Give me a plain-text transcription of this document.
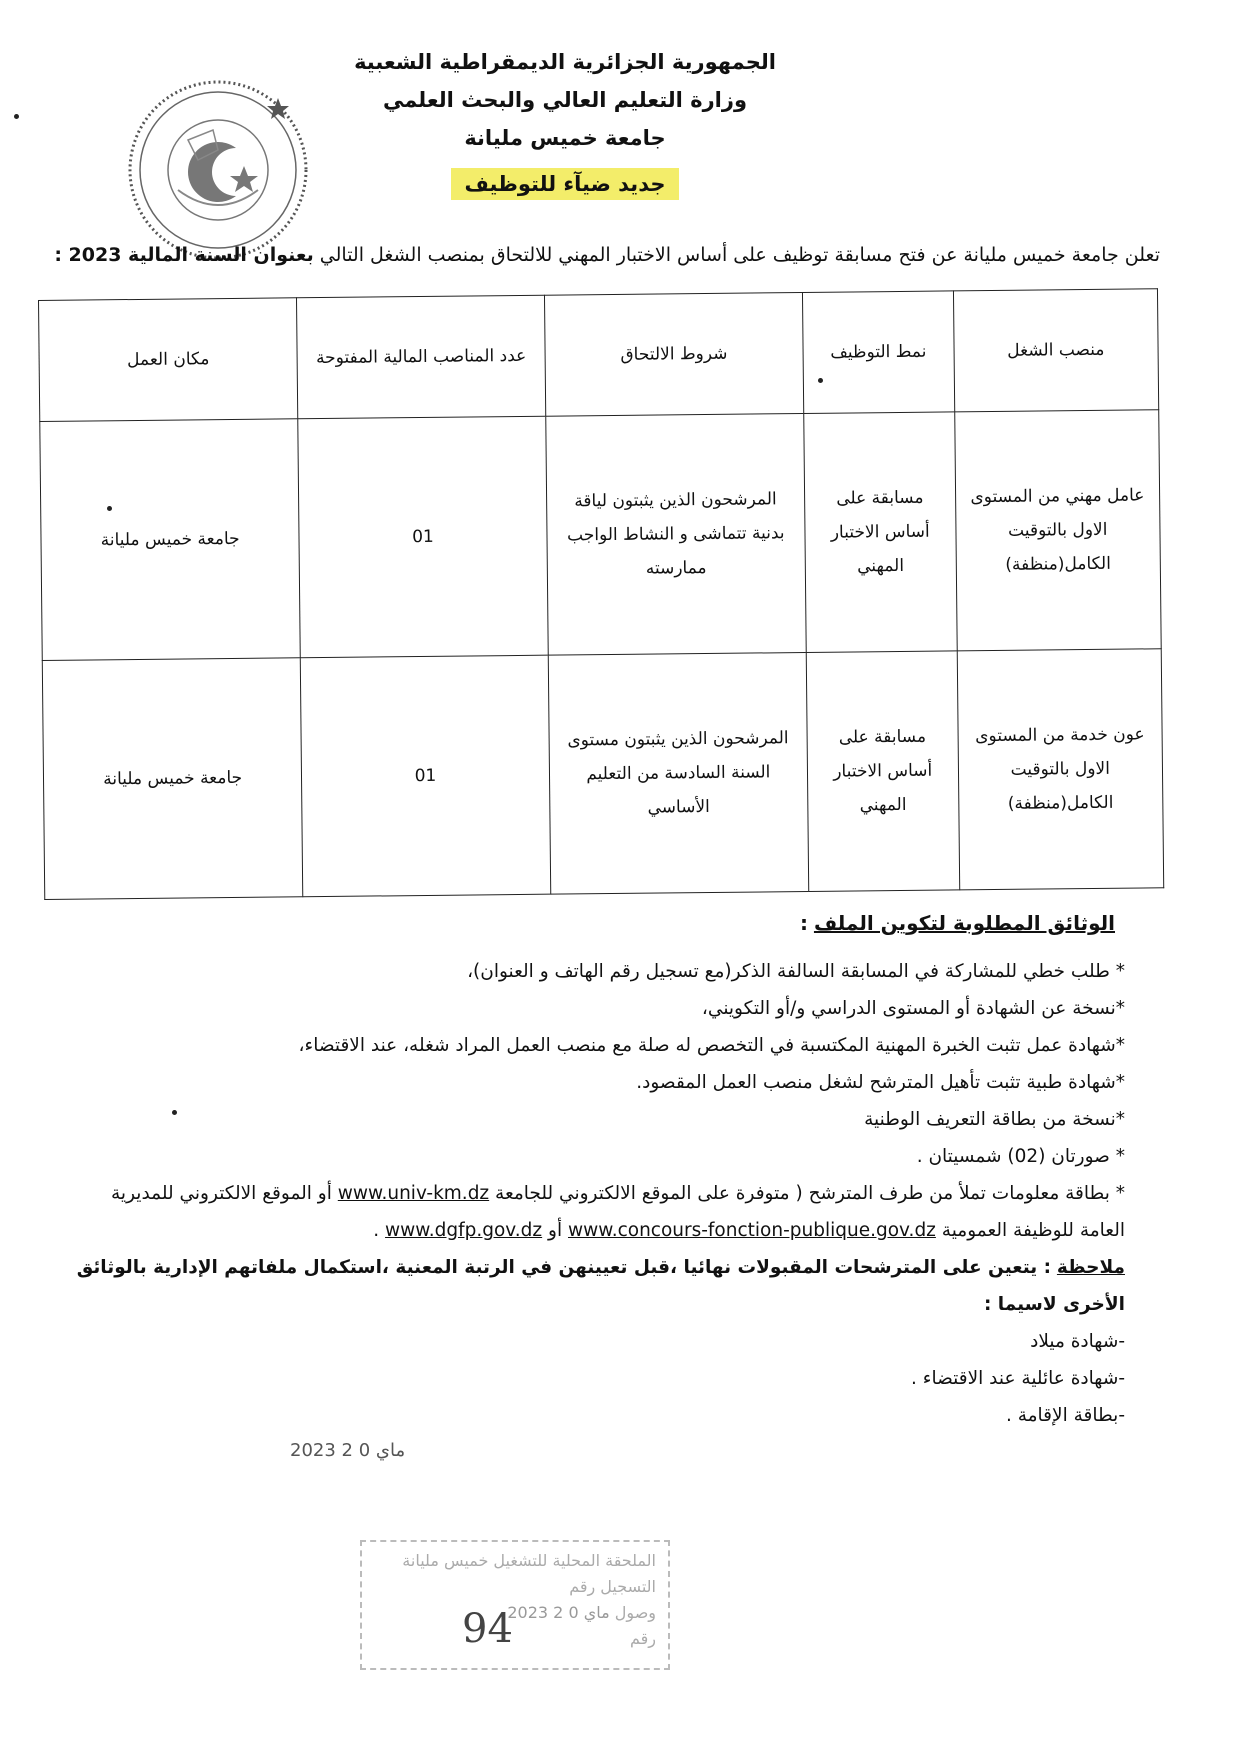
الجمهورية الجزائرية الديمقراطية الشعبية
وزارة التعليم العالي والبحث العلمي
جامعة خميس مليانة
جديد ضيآء للتوظيف
تعلن جامعة خميس مليانة عن فتح مسابقة توظيف على أساس الاختبار المهني للالتحاق بمنصب الشغل التالي بعنوان السنة المالية 2023 :
منصب الشغل	نمط التوظيف	شروط الالتحاق	عدد المناصب المالية المفتوحة	مكان العمل
عامل مهني من المستوى الاول بالتوقيت الكامل(منظفة)	مسابقة على أساس الاختبار المهني	المرشحون الذين يثبتون لياقة بدنية تتماشى و النشاط الواجب ممارسته	01	جامعة خميس مليانة
عون خدمة من المستوى الاول بالتوقيت الكامل(منظفة)	مسابقة على أساس الاختبار المهني	المرشحون الذين يثبتون مستوى السنة السادسة من التعليم الأساسي	01	جامعة خميس مليانة
الوثائق المطلوبة لتكوين الملف :
* طلب خطي للمشاركة في المسابقة السالفة الذكر(مع تسجيل رقم الهاتف و العنوان)،
*نسخة عن الشهادة أو المستوى الدراسي و/أو التكويني،
*شهادة عمل تثبت الخبرة المهنية المكتسبة في التخصص له صلة مع منصب العمل المراد شغله، عند الاقتضاء،
*شهادة طبية تثبت تأهيل المترشح لشغل منصب العمل المقصود.
*نسخة من بطاقة التعريف الوطنية
* صورتان (02) شمسيتان .
* بطاقة معلومات تملأ من طرف المترشح ( متوفرة على الموقع الالكتروني للجامعة www.univ-km.dz أو الموقع الالكتروني للمديرية العامة للوظيفة العمومية www.concours-fonction-publique.gov.dz أو www.dgfp.gov.dz .
ملاحظة : يتعين على المترشحات المقبولات نهائيا ،قبل تعيينهن في الرتبة المعنية ،استكمال ملفاتهم الإدارية بالوثائق الأخرى لاسيما :
-شهادة ميلاد
-شهادة عائلية عند الاقتضاء .
-بطاقة الإقامة .
2023 ماي 0 2
الملحقة المحلية للتشغيل خميس مليانة
التسجيل رقم
وصول 2023 ماي 0 2
رقم
94
